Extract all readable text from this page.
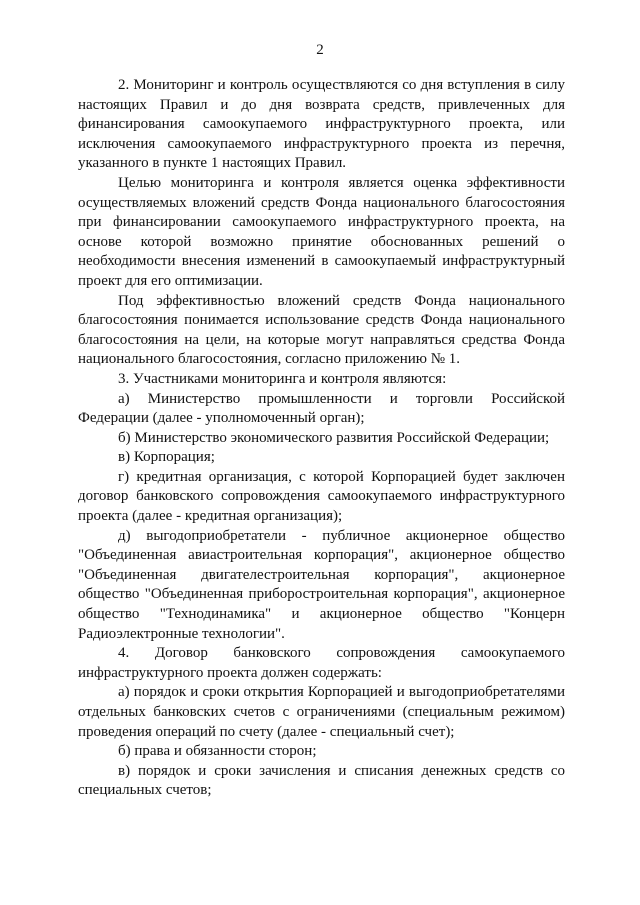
2

2. Мониторинг и контроль осуществляются со дня вступления в силу настоящих Правил и до дня возврата средств, привлеченных для финансирования самоокупаемого инфраструктурного проекта, или исключения самоокупаемого инфраструктурного проекта из перечня, указанного в пункте 1 настоящих Правил.

Целью мониторинга и контроля является оценка эффективности осуществляемых вложений средств Фонда национального благосостояния при финансировании самоокупаемого инфраструктурного проекта, на основе которой возможно принятие обоснованных решений о необходимости внесения изменений в самоокупаемый инфраструктурный проект для его оптимизации.

Под эффективностью вложений средств Фонда национального благосостояния понимается использование средств Фонда национального благосостояния на цели, на которые могут направляться средства Фонда национального благосостояния, согласно приложению № 1.

3. Участниками мониторинга и контроля являются:

а) Министерство промышленности и торговли Российской Федерации (далее - уполномоченный орган);

б) Министерство экономического развития Российской Федерации;

в) Корпорация;

г) кредитная организация, с которой Корпорацией будет заключен договор банковского сопровождения самоокупаемого инфраструктурного проекта (далее - кредитная организация);

д) выгодоприобретатели - публичное акционерное общество "Объединенная авиастроительная корпорация", акционерное общество "Объединенная двигателестроительная корпорация", акционерное общество "Объединенная приборостроительная корпорация", акционерное общество "Технодинамика" и акционерное общество "Концерн Радиоэлектронные технологии".

4. Договор банковского сопровождения самоокупаемого инфраструктурного проекта должен содержать:

а) порядок и сроки открытия Корпорацией и выгодоприобретателями отдельных банковских счетов с ограничениями (специальным режимом) проведения операций по счету (далее - специальный счет);

б) права и обязанности сторон;

в) порядок и сроки зачисления и списания денежных средств со специальных счетов;
